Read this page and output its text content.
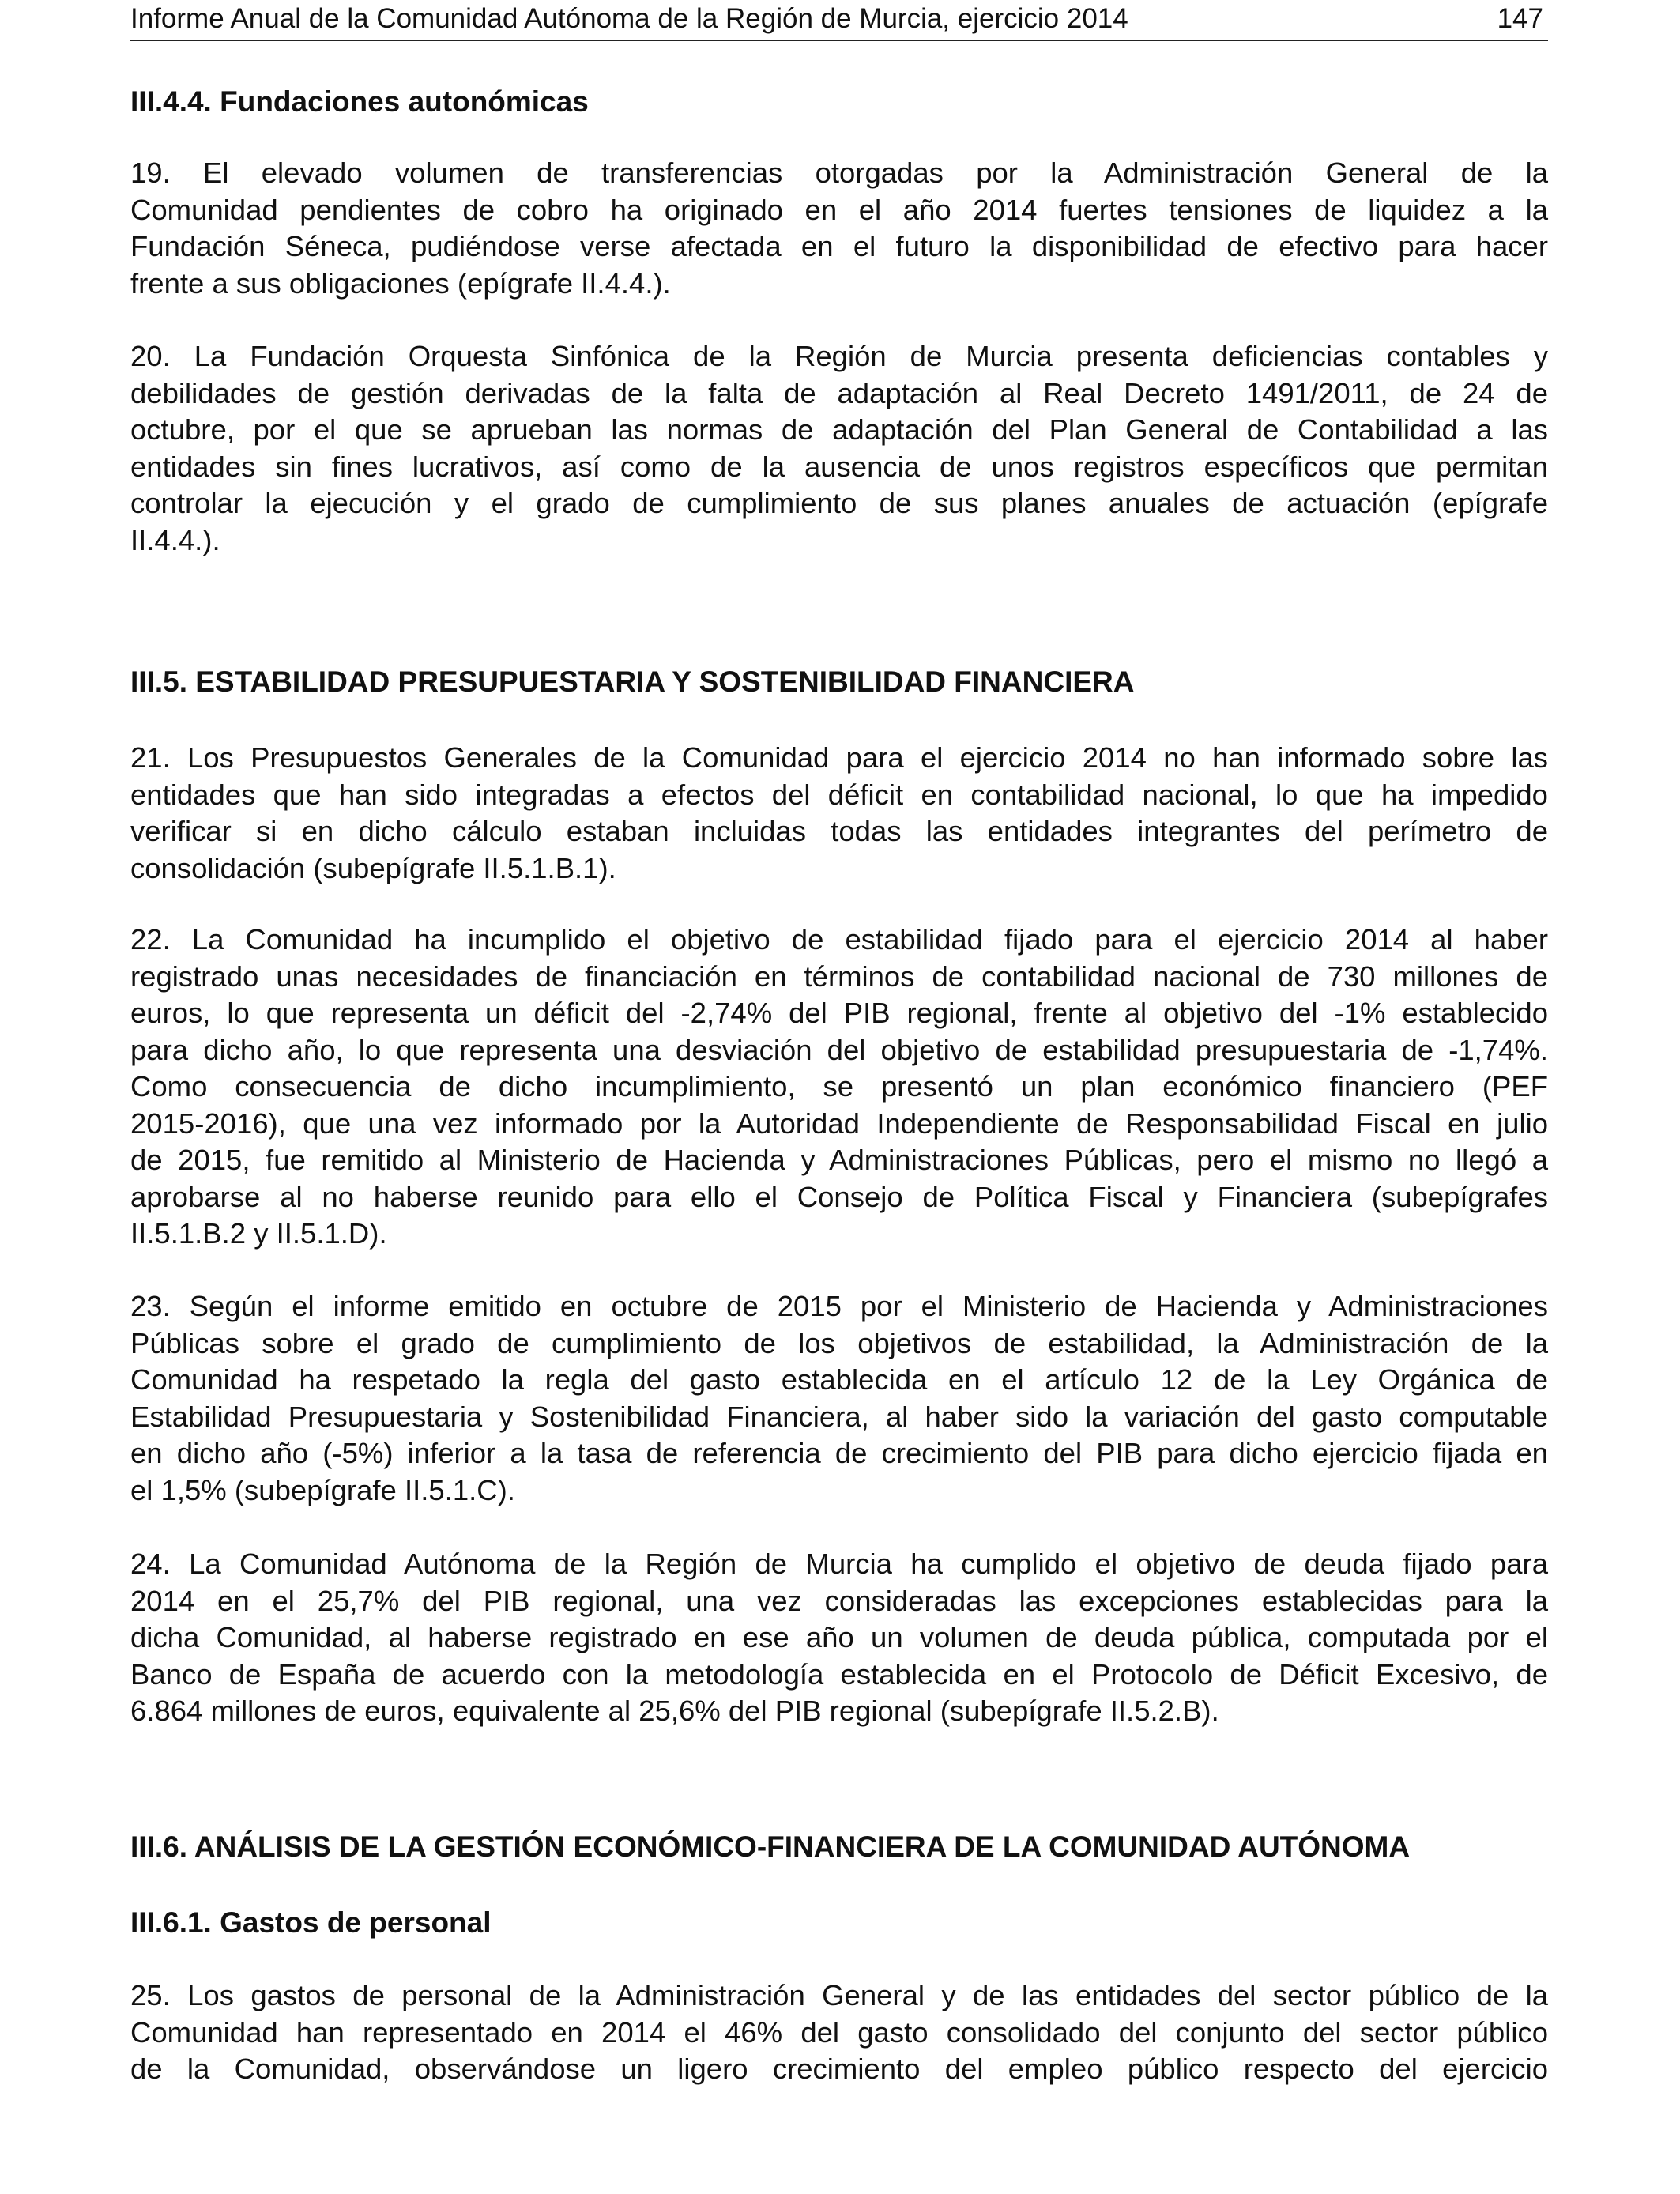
Informe Anual de la Comunidad Autónoma de la Región de Murcia, ejercicio 2014	147
III.4.4. Fundaciones autonómicas
19. El elevado volumen de transferencias otorgadas por la Administración General de la
Comunidad pendientes de cobro ha originado en el año 2014 fuertes tensiones de liquidez a la
Fundación Séneca, pudiéndose verse afectada en el futuro la disponibilidad de efectivo para hacer
frente a sus obligaciones (epígrafe II.4.4.).
20. La Fundación Orquesta Sinfónica de la Región de Murcia presenta deficiencias contables y
debilidades de gestión derivadas de la falta de adaptación al Real Decreto 1491/2011, de 24 de
octubre, por el que se aprueban las normas de adaptación del Plan General de Contabilidad a las
entidades sin fines lucrativos, así como de la ausencia de unos registros específicos que permitan
controlar la ejecución y el grado de cumplimiento de sus planes anuales de actuación (epígrafe
II.4.4.).
III.5. ESTABILIDAD PRESUPUESTARIA Y SOSTENIBILIDAD FINANCIERA
21. Los Presupuestos Generales de la Comunidad para el ejercicio 2014 no han informado sobre las
entidades que han sido integradas a efectos del déficit en contabilidad nacional, lo que ha impedido
verificar si en dicho cálculo estaban incluidas todas las entidades integrantes del perímetro de
consolidación (subepígrafe II.5.1.B.1).
22. La Comunidad ha incumplido el objetivo de estabilidad fijado para el ejercicio 2014 al haber
registrado unas necesidades de financiación en términos de contabilidad nacional de 730 millones de
euros, lo que representa un déficit del -2,74% del PIB regional, frente al objetivo del -1% establecido
para dicho año, lo que representa una desviación del objetivo de estabilidad presupuestaria de -1,74%.
Como consecuencia de dicho incumplimiento, se presentó un plan económico financiero (PEF
2015-2016), que una vez informado por la Autoridad Independiente de Responsabilidad Fiscal en julio
de 2015, fue remitido al Ministerio de Hacienda y Administraciones Públicas, pero el mismo no llegó a
aprobarse al no haberse reunido para ello el Consejo de Política Fiscal y Financiera (subepígrafes
II.5.1.B.2 y II.5.1.D).
23. Según el informe emitido en octubre de 2015 por el Ministerio de Hacienda y Administraciones
Públicas sobre el grado de cumplimiento de los objetivos de estabilidad, la Administración de la
Comunidad ha respetado la regla del gasto establecida en el artículo 12 de la Ley Orgánica de
Estabilidad Presupuestaria y Sostenibilidad Financiera, al haber sido la variación del gasto computable
en dicho año (-5%) inferior a la tasa de referencia de crecimiento del PIB para dicho ejercicio fijada en
el 1,5% (subepígrafe II.5.1.C).
24. La Comunidad Autónoma de la Región de Murcia ha cumplido el objetivo de deuda fijado para
2014 en el 25,7% del PIB regional, una vez consideradas las excepciones establecidas para la
dicha Comunidad, al haberse registrado en ese año un volumen de deuda pública, computada por el
Banco de España de acuerdo con la metodología establecida en el Protocolo de Déficit Excesivo, de
6.864 millones de euros, equivalente al 25,6% del PIB regional (subepígrafe II.5.2.B).
III.6. ANÁLISIS DE LA GESTIÓN ECONÓMICO-FINANCIERA DE LA COMUNIDAD AUTÓNOMA
III.6.1. Gastos de personal
25. Los gastos de personal de la Administración General y de las entidades del sector público de la
Comunidad han representado en 2014 el 46% del gasto consolidado del conjunto del sector público
de la Comunidad, observándose un ligero crecimiento del empleo público respecto del ejercicio
